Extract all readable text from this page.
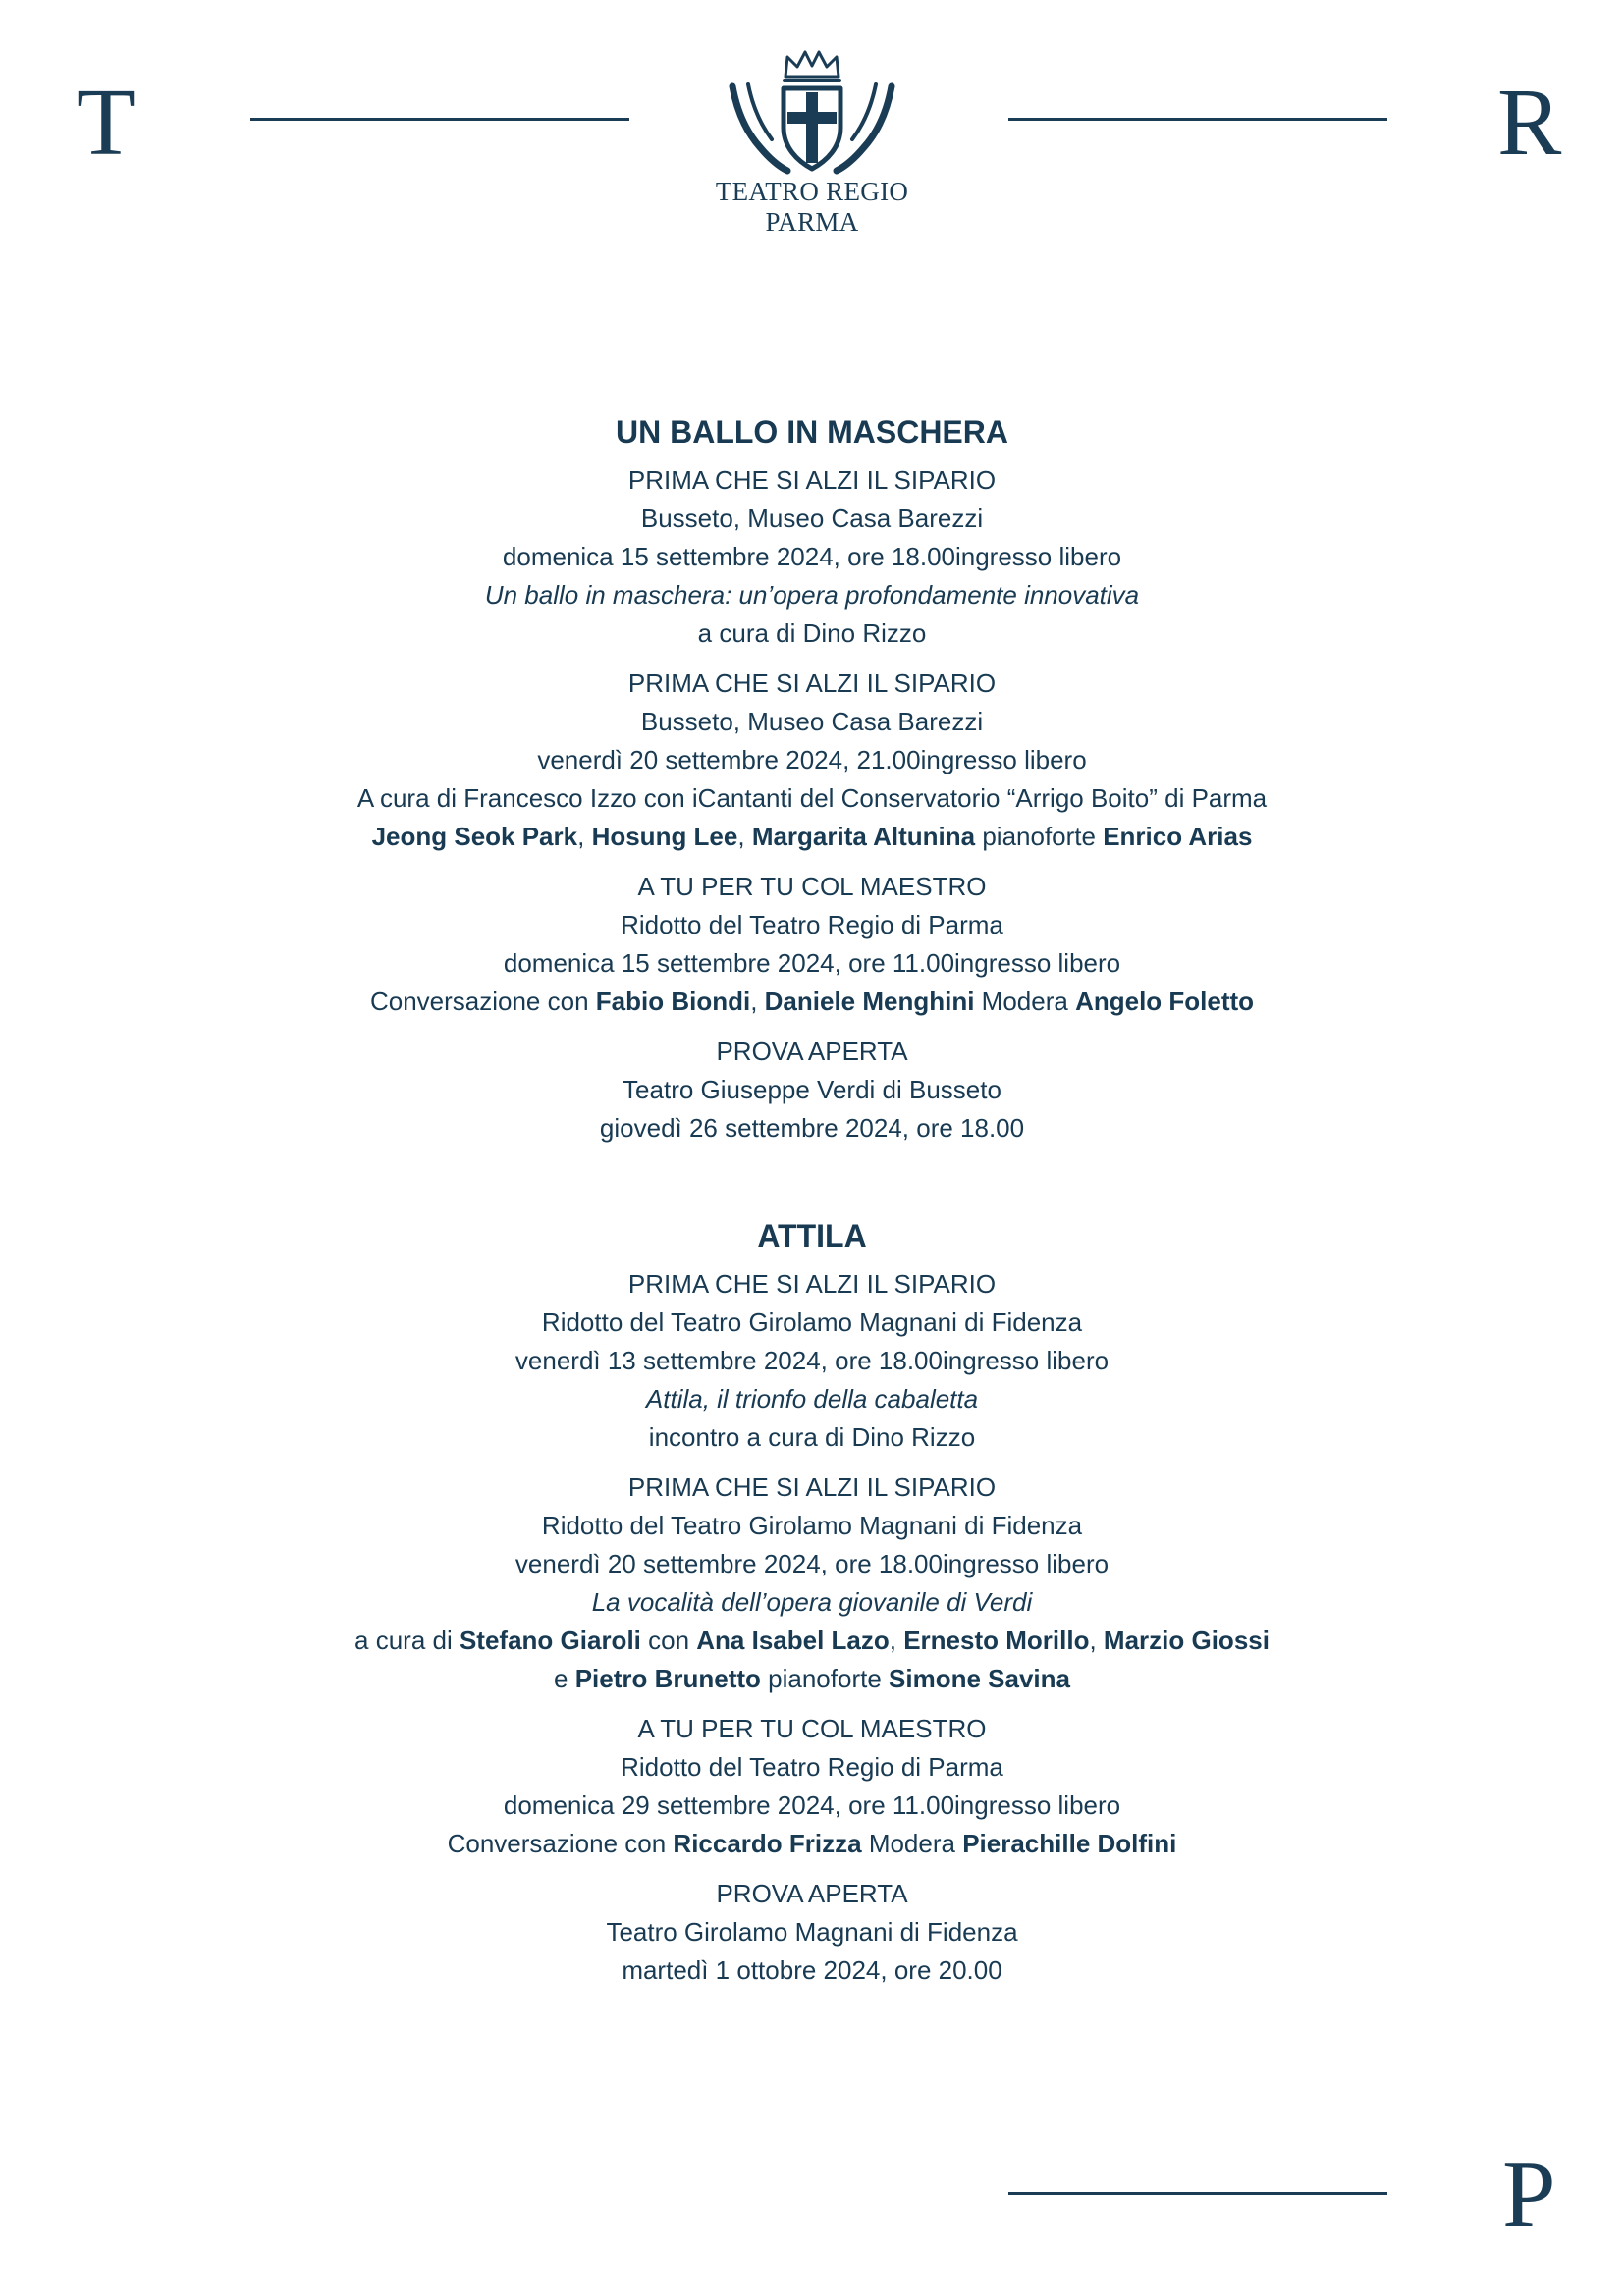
T
TEATRO REGIO
PARMA
R
UN BALLO IN MASCHERA
PRIMA CHE SI ALZI IL SIPARIO
Busseto, Museo Casa Barezzi
domenica 15 settembre 2024, ore 18.00ingresso libero
Un ballo in maschera: un’opera profondamente innovativa
a cura di Dino Rizzo
PRIMA CHE SI ALZI IL SIPARIO
Busseto, Museo Casa Barezzi
venerdì 20 settembre 2024, 21.00ingresso libero
A cura di Francesco Izzo con iCantanti del Conservatorio “Arrigo Boito” di Parma
Jeong Seok Park, Hosung Lee, Margarita Altunina pianoforte Enrico Arias
A TU PER TU COL MAESTRO
Ridotto del Teatro Regio di Parma
domenica 15 settembre 2024, ore 11.00ingresso libero
Conversazione con Fabio Biondi, Daniele Menghini Modera Angelo Foletto
PROVA APERTA
Teatro Giuseppe Verdi di Busseto
giovedì 26 settembre 2024, ore 18.00
ATTILA
PRIMA CHE SI ALZI IL SIPARIO
Ridotto del Teatro Girolamo Magnani di Fidenza
venerdì 13 settembre 2024, ore 18.00ingresso libero
Attila, il trionfo della cabaletta
incontro a cura di Dino Rizzo
PRIMA CHE SI ALZI IL SIPARIO
Ridotto del Teatro Girolamo Magnani di Fidenza
venerdì 20 settembre 2024, ore 18.00ingresso libero
La vocalità dell’opera giovanile di Verdi
a cura di Stefano Giaroli con Ana Isabel Lazo, Ernesto Morillo, Marzio Giossi
e Pietro Brunetto pianoforte Simone Savina
A TU PER TU COL MAESTRO
Ridotto del Teatro Regio di Parma
domenica 29 settembre 2024, ore 11.00ingresso libero
Conversazione con Riccardo Frizza Modera Pierachille Dolfini
PROVA APERTA
Teatro Girolamo Magnani di Fidenza
martedì 1 ottobre 2024, ore 20.00
P
